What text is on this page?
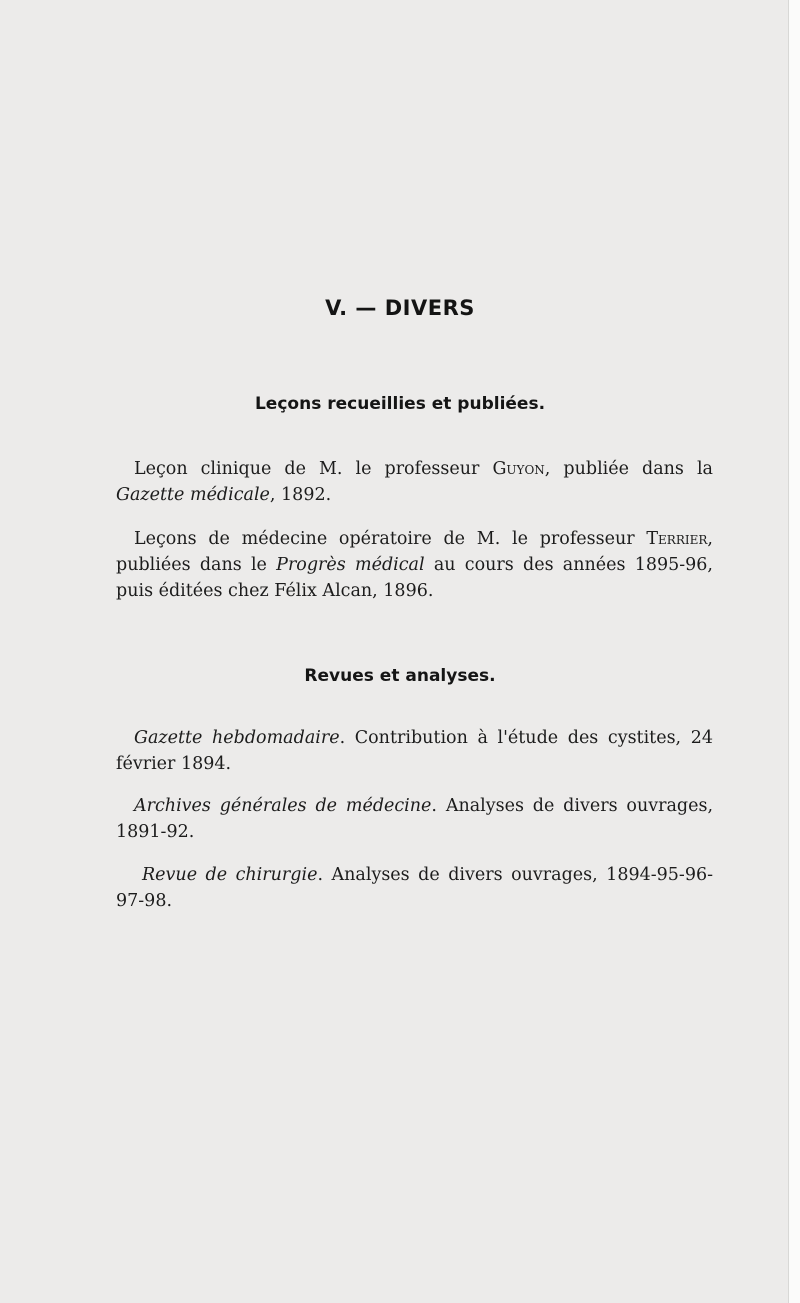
V. — DIVERS
Leçons recueillies et publiées.

Leçon clinique de M. le professeur Guyon, publiée dans la Gazette médicale, 1892.

Leçons de médecine opératoire de M. le professeur Terrier, publiées dans le Progrès médical au cours des années 1895-96, puis éditées chez Félix Alcan, 1896.

Revues et analyses.

Gazette hebdomadaire. Contribution à l'étude des cystites, 24 février 1894.

Archives générales de médecine. Analyses de divers ouvrages, 1891-92.

Revue de chirurgie. Analyses de divers ouvrages, 1894-95-96-97-98.
